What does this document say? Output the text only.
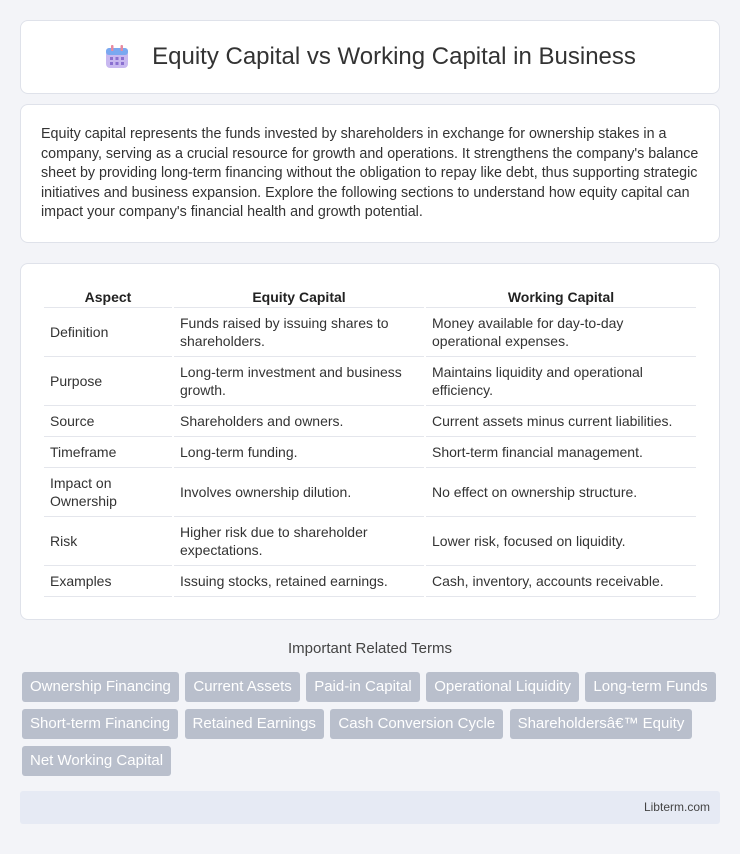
Equity Capital vs Working Capital in Business

Equity capital represents the funds invested by shareholders in exchange for ownership stakes in a company, serving as a crucial resource for growth and operations. It strengthens the company's balance sheet by providing long-term financing without the obligation to repay like debt, thus supporting strategic initiatives and business expansion. Explore the following sections to understand how equity capital can impact your company's financial health and growth potential.

Aspect	Equity Capital	Working Capital
Definition	Funds raised by issuing shares to shareholders.	Money available for day-to-day operational expenses.
Purpose	Long-term investment and business growth.	Maintains liquidity and operational efficiency.
Source	Shareholders and owners.	Current assets minus current liabilities.
Timeframe	Long-term funding.	Short-term financial management.
Impact on Ownership	Involves ownership dilution.	No effect on ownership structure.
Risk	Higher risk due to shareholder expectations.	Lower risk, focused on liquidity.
Examples	Issuing stocks, retained earnings.	Cash, inventory, accounts receivable.
Important Related Terms
Ownership Financing Current Assets Paid-in Capital Operational Liquidity Long-term Funds Short-term Financing Retained Earnings Cash Conversion Cycle Shareholdersâ€™ Equity Net Working Capital
Libterm.com
